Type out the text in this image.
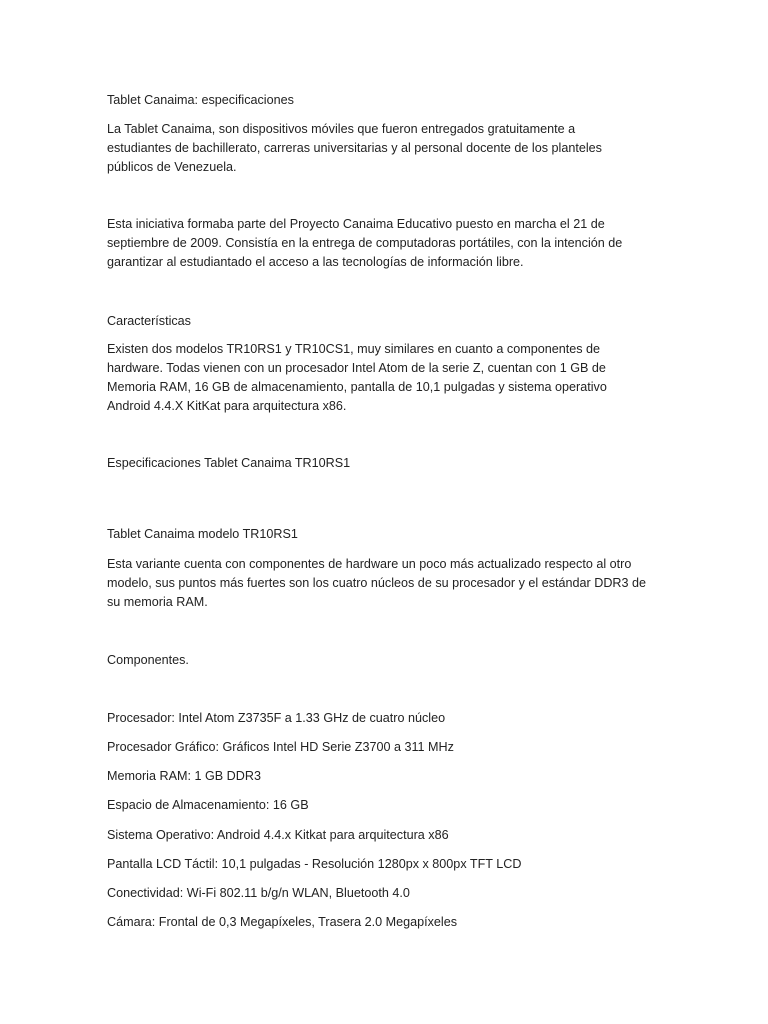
Tablet Canaima: especificaciones

La Tablet Canaima, son dispositivos móviles que fueron entregados gratuitamente a estudiantes de bachillerato, carreras universitarias y al personal docente de los planteles públicos de Venezuela.

Esta iniciativa formaba parte del Proyecto Canaima Educativo puesto en marcha el 21 de septiembre de 2009. Consistía en la entrega de computadoras portátiles, con la intención de garantizar al estudiantado el acceso a las tecnologías de información libre.

Características

Existen dos modelos TR10RS1 y TR10CS1, muy similares en cuanto a componentes de hardware. Todas vienen con un procesador Intel Atom de la serie Z, cuentan con 1 GB de Memoria RAM, 16 GB de almacenamiento, pantalla de 10,1 pulgadas y sistema operativo Android 4.4.X KitKat para arquitectura x86.

Especificaciones Tablet Canaima TR10RS1

Tablet Canaima modelo TR10RS1

Esta variante cuenta con componentes de hardware un poco más actualizado respecto al otro modelo, sus puntos más fuertes son los cuatro núcleos de su procesador y el estándar DDR3 de su memoria RAM.

Componentes.

Procesador: Intel Atom Z3735F a 1.33 GHz de cuatro núcleo

Procesador Gráfico: Gráficos Intel HD Serie Z3700 a 311 MHz

Memoria RAM: 1 GB DDR3

Espacio de Almacenamiento: 16 GB

Sistema Operativo: Android 4.4.x Kitkat para arquitectura x86

Pantalla LCD Táctil: 10,1 pulgadas - Resolución 1280px x 800px TFT LCD

Conectividad: Wi-Fi 802.11 b/g/n WLAN, Bluetooth 4.0

Cámara: Frontal de 0,3 Megapíxeles, Trasera 2.0 Megapíxeles
